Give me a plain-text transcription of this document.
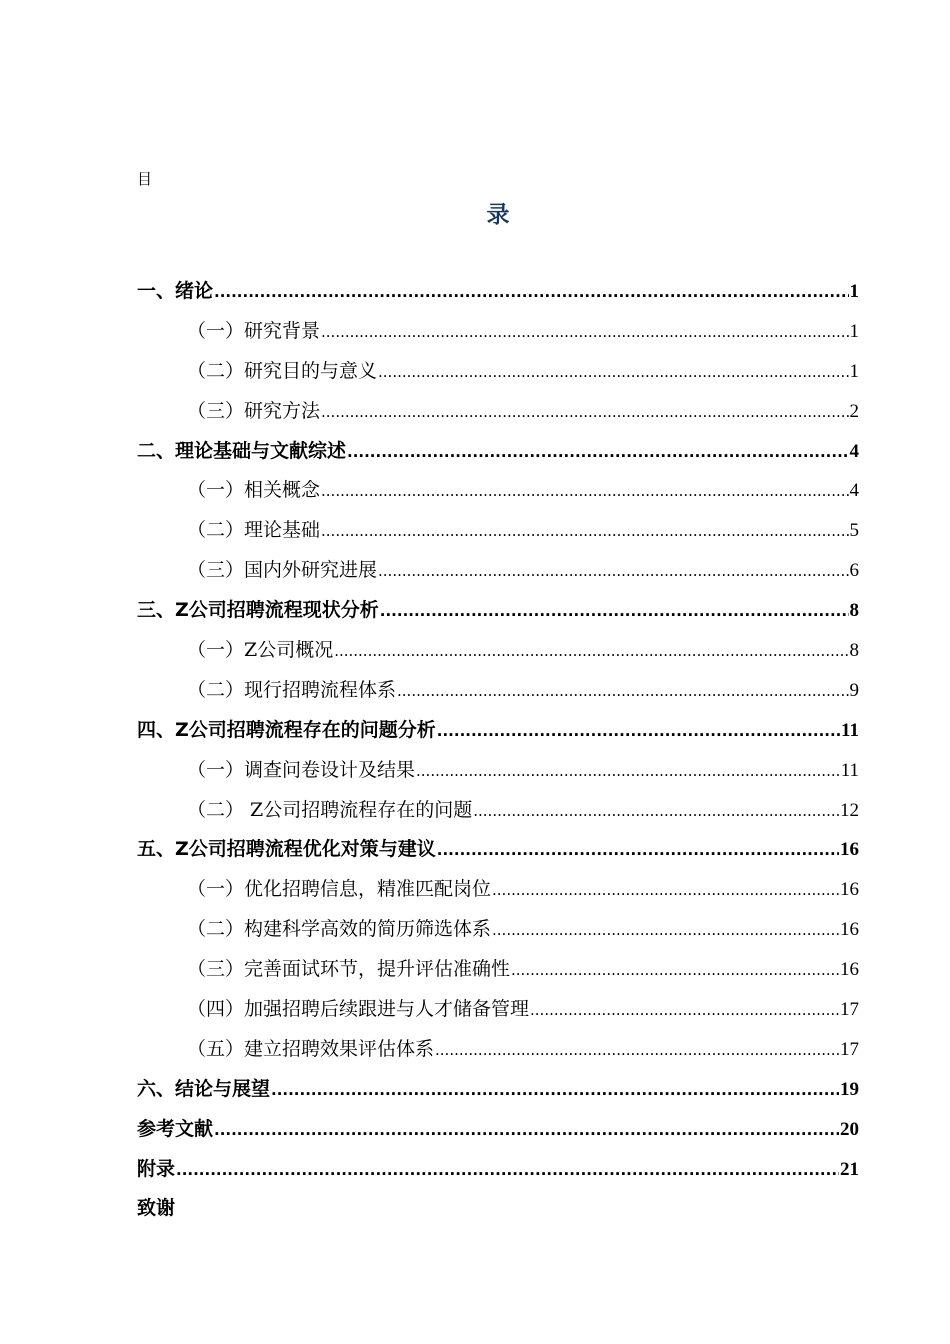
目
录
一、绪论 .....	1
（一）研究背景 .....	1
（二）研究目的与意义 .....	1
（三）研究方法 .....	2
二、理论基础与文献综述 .....	4
（一）相关概念 .....	4
（二）理论基础 .....	5
（三）国内外研究进展 .....	6
三、Z公司招聘流程现状分析 .....	8
（一）Z公司概况 .....	8
（二）现行招聘流程体系 .....	9
四、Z公司招聘流程存在的问题分析 .....	11
（一）调查问卷设计及结果 .....	11
（二） Z公司招聘流程存在的问题 .....	12
五、Z公司招聘流程优化对策与建议 .....	16
（一）优化招聘信息，精准匹配岗位 .....	16
（二）构建科学高效的简历筛选体系 .....	16
（三）完善面试环节，提升评估准确性 .....	16
（四）加强招聘后续跟进与人才储备管理 .....	17
（五）建立招聘效果评估体系 .....	17
六、结论与展望 .....	19
参考文献 .....	20
附录 .....	21
致谢
